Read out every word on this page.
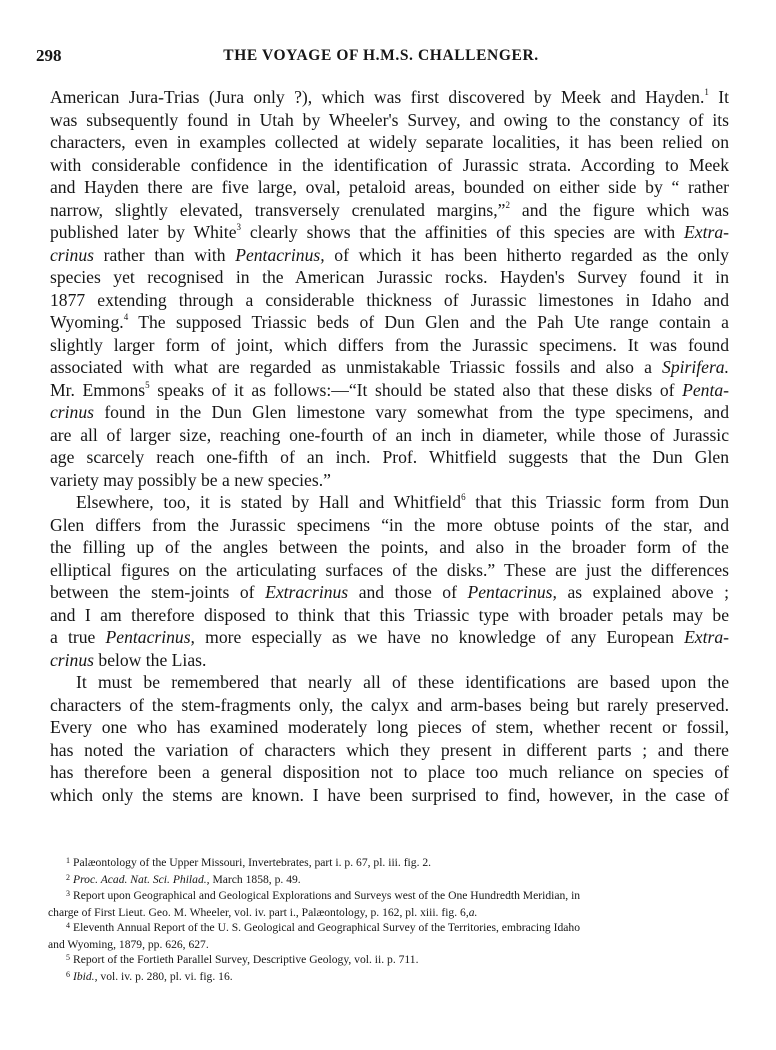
298	THE VOYAGE OF H.M.S. CHALLENGER.
American Jura-Trias (Jura only ?), which was first discovered by Meek and Hayden.$^1$ It
was subsequently found in Utah by Wheeler's Survey, and owing to the constancy of its
characters, even in examples collected at widely separate localities, it has been relied on
with considerable confidence in the identification of Jurassic strata. According to Meek
and Hayden there are five large, oval, petaloid areas, bounded on either side by “ rather
narrow, slightly elevated, transversely crenulated margins,”$^2$ and the figure which was
published later by White$^3$ clearly shows that the affinities of this species are with Extra-
crinus rather than with Pentacrinus, of which it has been hitherto regarded as the only
species yet recognised in the American Jurassic rocks. Hayden's Survey found it in
1877 extending through a considerable thickness of Jurassic limestones in Idaho and
Wyoming.$^4$ The supposed Triassic beds of Dun Glen and the Pah Ute range contain a
slightly larger form of joint, which differs from the Jurassic specimens. It was found
associated with what are regarded as unmistakable Triassic fossils and also a Spirifera.
Mr. Emmons$^5$ speaks of it as follows:—“It should be stated also that these disks of Penta-
crinus found in the Dun Glen limestone vary somewhat from the type specimens, and
are all of larger size, reaching one-fourth of an inch in diameter, while those of Jurassic
age scarcely reach one-fifth of an inch. Prof. Whitfield suggests that the Dun Glen
variety may possibly be a new species.”
Elsewhere, too, it is stated by Hall and Whitfield$^6$ that this Triassic form from Dun
Glen differs from the Jurassic specimens “in the more obtuse points of the star, and
the filling up of the angles between the points, and also in the broader form of the
elliptical figures on the articulating surfaces of the disks.” These are just the differences
between the stem-joints of Extracrinus and those of Pentacrinus, as explained above ;
and I am therefore disposed to think that this Triassic type with broader petals may be
a true Pentacrinus, more especially as we have no knowledge of any European Extra-
crinus below the Lias.
It must be remembered that nearly all of these identifications are based upon the
characters of the stem-fragments only, the calyx and arm-bases being but rarely preserved.
Every one who has examined moderately long pieces of stem, whether recent or fossil,
has noted the variation of characters which they present in different parts ; and there
has therefore been a general disposition not to place too much reliance on species of
which only the stems are known. I have been surprised to find, however, in the case of
$^1$ Palæontology of the Upper Missouri, Invertebrates, part i. p. 67, pl. iii. fig. 2.
$^2$ Proc. Acad. Nat. Sci. Philad., March 1858, p. 49.
$^3$ Report upon Geographical and Geological Explorations and Surveys west of the One Hundredth Meridian, in
charge of First Lieut. Geo. M. Wheeler, vol. iv. part i., Palæontology, p. 162, pl. xiii. fig. 6,a.
$^4$ Eleventh Annual Report of the U. S. Geological and Geographical Survey of the Territories, embracing Idaho
and Wyoming, 1879, pp. 626, 627.
$^5$ Report of the Fortieth Parallel Survey, Descriptive Geology, vol. ii. p. 711.
$^6$ Ibid., vol. iv. p. 280, pl. vi. fig. 16.
